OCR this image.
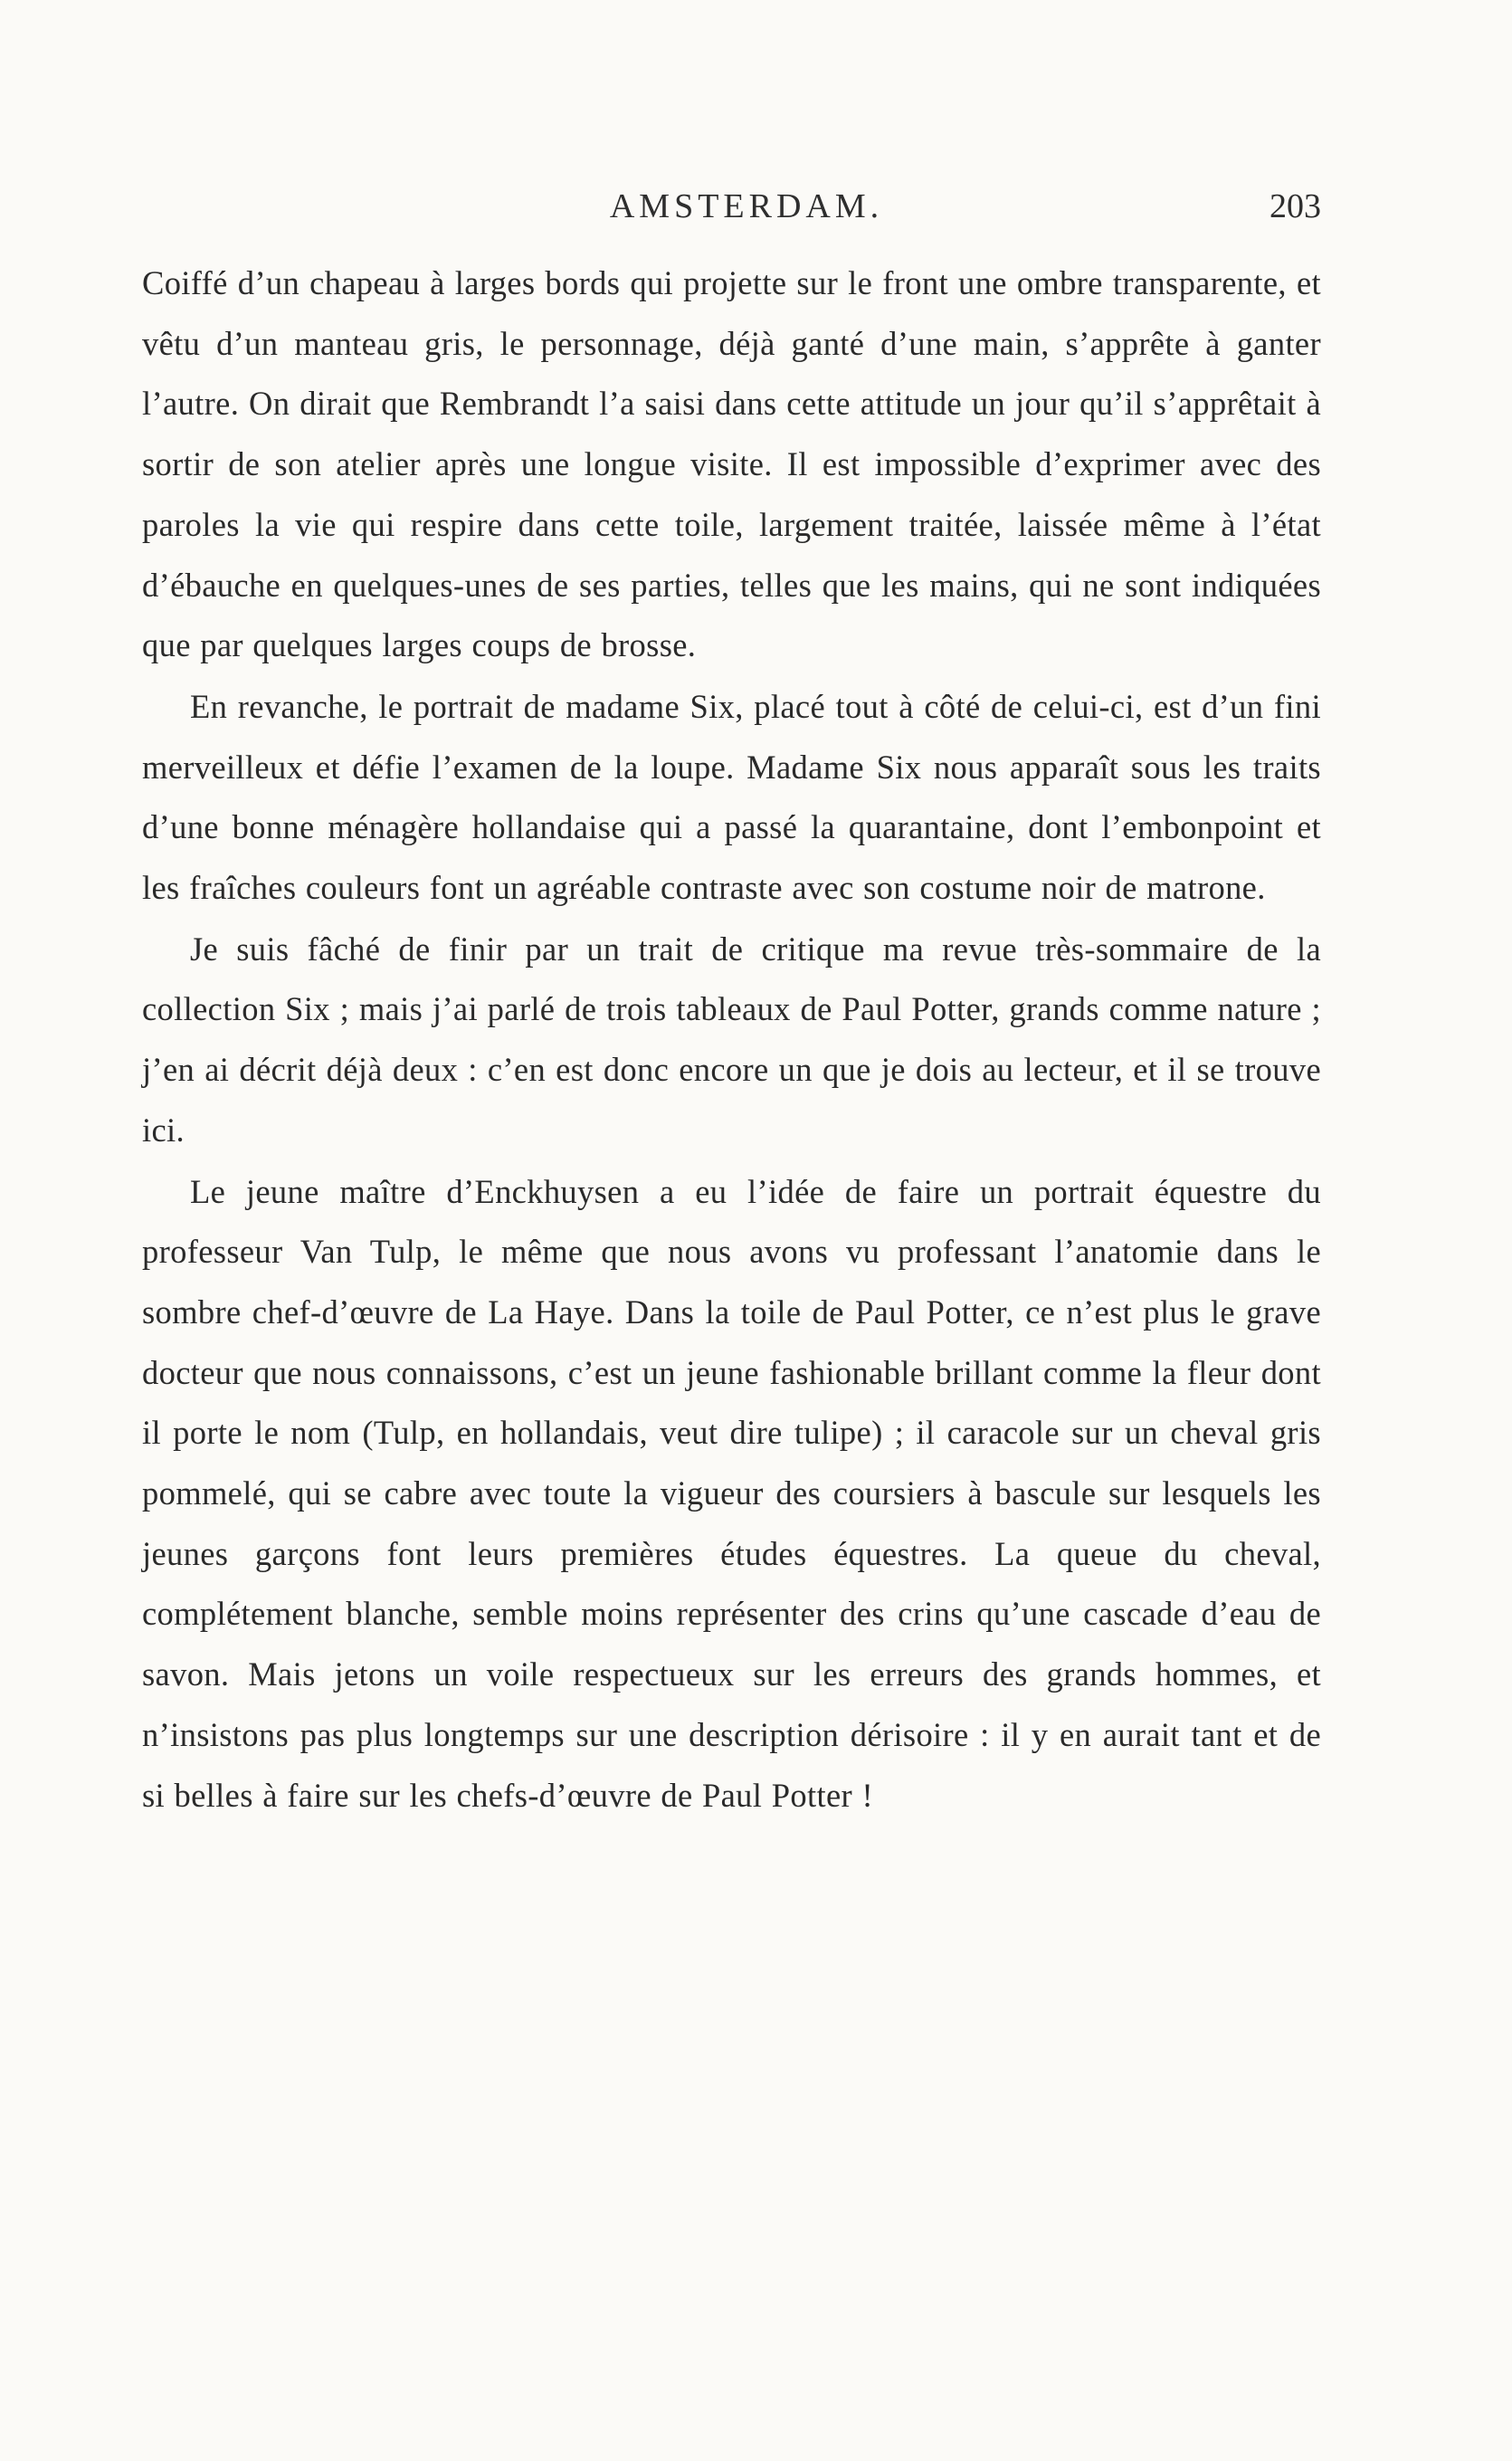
AMSTERDAM.	203

Coiffé d’un chapeau à larges bords qui projette sur le front une ombre transparente, et vêtu d’un manteau gris, le personnage, déjà ganté d’une main, s’apprête à ganter l’autre. On dirait que Rembrandt l’a saisi dans cette attitude un jour qu’il s’apprêtait à sortir de son atelier après une longue visite. Il est impossible d’exprimer avec des paroles la vie qui respire dans cette toile, largement traitée, laissée même à l’état d’ébauche en quelques-unes de ses parties, telles que les mains, qui ne sont indiquées que par quelques larges coups de brosse.

En revanche, le portrait de madame Six, placé tout à côté de celui-ci, est d’un fini merveilleux et défie l’examen de la loupe. Madame Six nous apparaît sous les traits d’une bonne ménagère hollandaise qui a passé la quarantaine, dont l’embonpoint et les fraîches couleurs font un agréable contraste avec son costume noir de matrone.

Je suis fâché de finir par un trait de critique ma revue très-sommaire de la collection Six ; mais j’ai parlé de trois tableaux de Paul Potter, grands comme nature ; j’en ai décrit déjà deux : c’en est donc encore un que je dois au lecteur, et il se trouve ici.

Le jeune maître d’Enckhuysen a eu l’idée de faire un portrait équestre du professeur Van Tulp, le même que nous avons vu professant l’anatomie dans le sombre chef-d’œuvre de La Haye. Dans la toile de Paul Potter, ce n’est plus le grave docteur que nous connaissons, c’est un jeune fashionable brillant comme la fleur dont il porte le nom (Tulp, en hollandais, veut dire tulipe) ; il caracole sur un cheval gris pommelé, qui se cabre avec toute la vigueur des coursiers à bascule sur lesquels les jeunes garçons font leurs premières études équestres. La queue du cheval, complétement blanche, semble moins représenter des crins qu’une cascade d’eau de savon. Mais jetons un voile respectueux sur les erreurs des grands hommes, et n’insistons pas plus longtemps sur une description dérisoire : il y en aurait tant et de si belles à faire sur les chefs-d’œuvre de Paul Potter !
